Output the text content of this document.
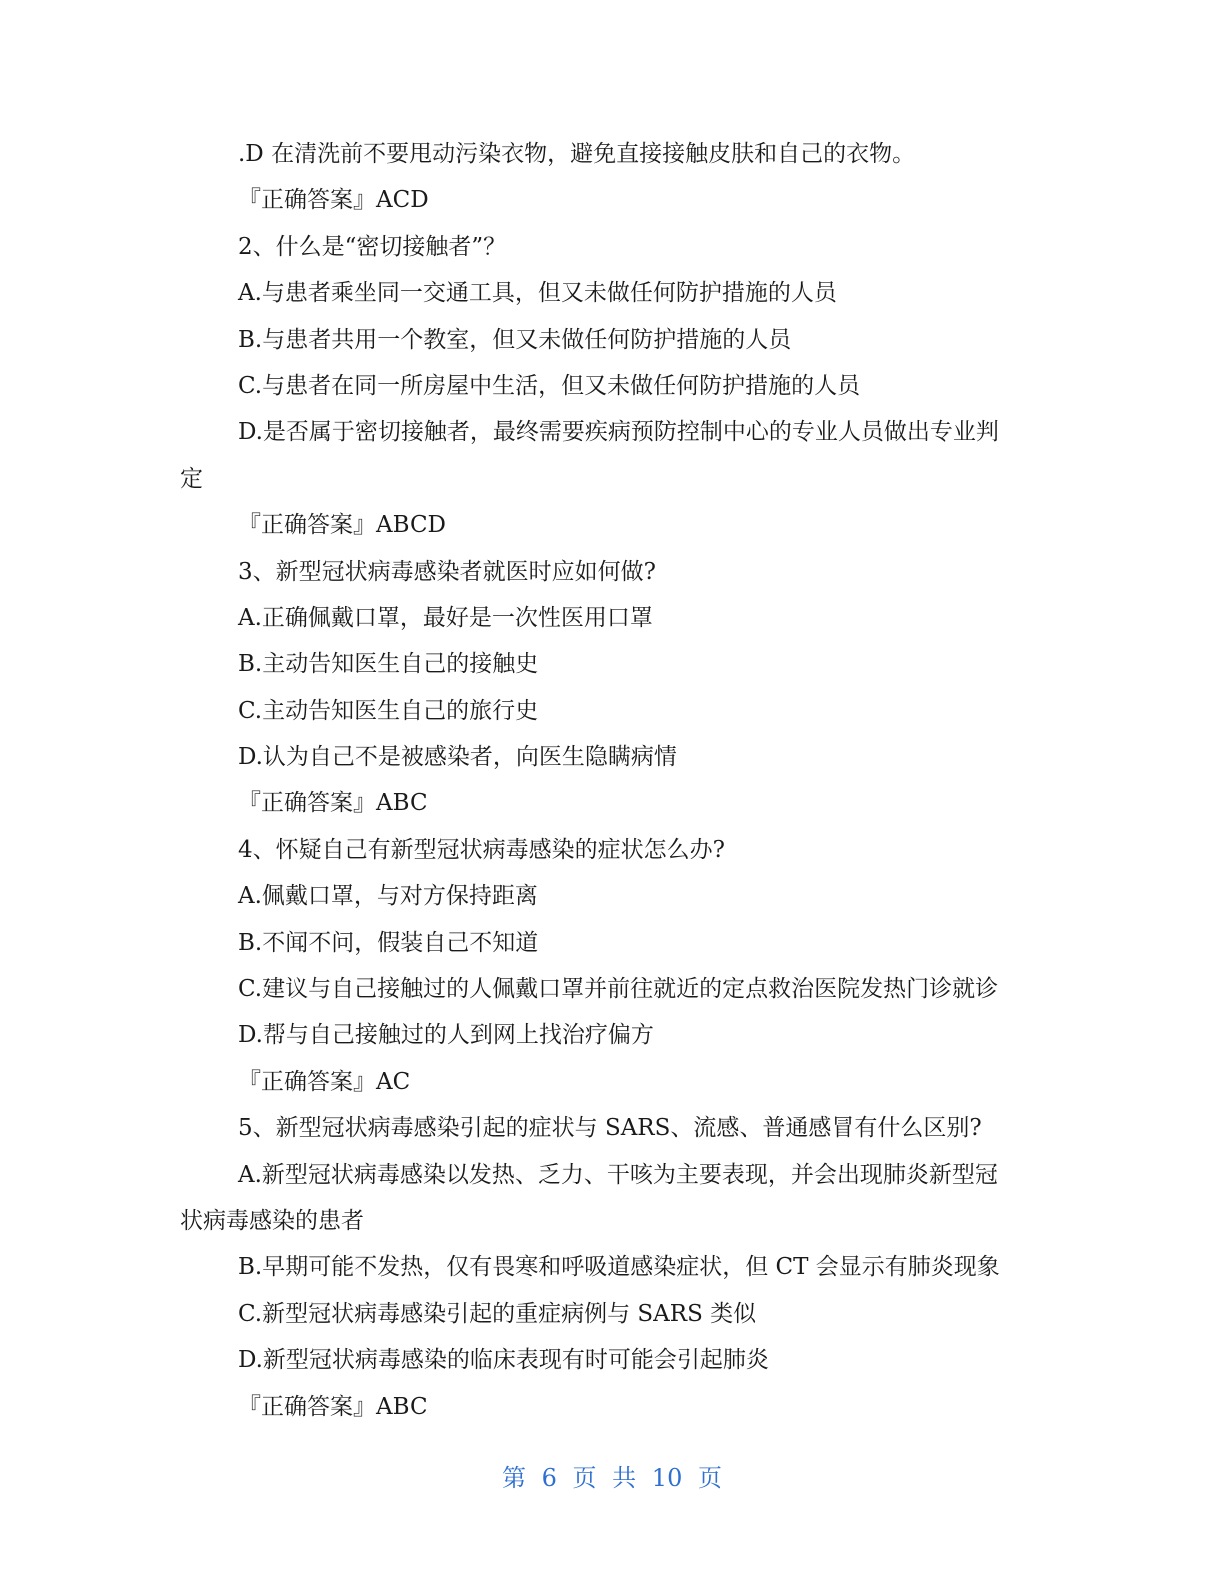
.D 在清洗前不要甩动污染衣物，避免直接接触皮肤和自己的衣物。
『正确答案』ACD
2、什么是“密切接触者”？
A.与患者乘坐同一交通工具，但又未做任何防护措施的人员
B.与患者共用一个教室，但又未做任何防护措施的人员
C.与患者在同一所房屋中生活，但又未做任何防护措施的人员
D.是否属于密切接触者，最终需要疾病预防控制中心的专业人员做出专业判
定
『正确答案』ABCD
3、新型冠状病毒感染者就医时应如何做?
A.正确佩戴口罩，最好是一次性医用口罩
B.主动告知医生自己的接触史
C.主动告知医生自己的旅行史
D.认为自己不是被感染者，向医生隐瞒病情
『正确答案』ABC
4、怀疑自己有新型冠状病毒感染的症状怎么办?
A.佩戴口罩，与对方保持距离
B.不闻不问，假装自己不知道
C.建议与自己接触过的人佩戴口罩并前往就近的定点救治医院发热门诊就诊
D.帮与自己接触过的人到网上找治疗偏方
『正确答案』AC
5、新型冠状病毒感染引起的症状与 SARS、流感、普通感冒有什么区别?
A.新型冠状病毒感染以发热、乏力、干咳为主要表现，并会出现肺炎新型冠
状病毒感染的患者
B.早期可能不发热，仅有畏寒和呼吸道感染症状，但 CT 会显示有肺炎现象
C.新型冠状病毒感染引起的重症病例与 SARS 类似
D.新型冠状病毒感染的临床表现有时可能会引起肺炎
『正确答案』ABC
第 6 页 共 10 页
